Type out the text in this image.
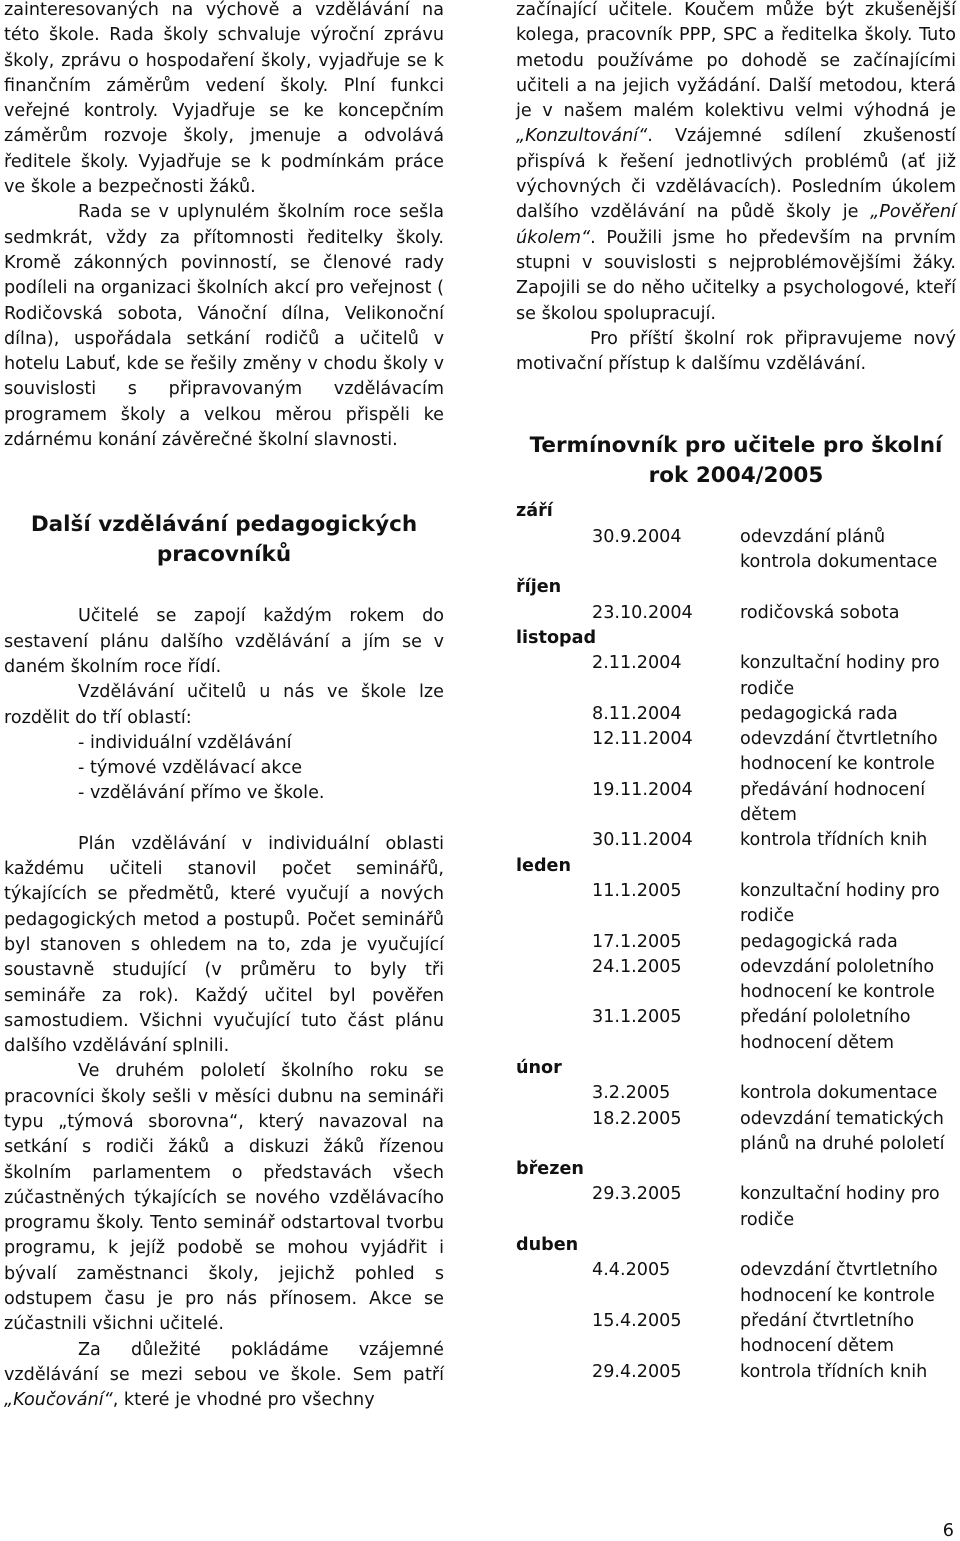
zainteresovaných na výchově a vzdělávání na této škole. Rada školy schvaluje výroční zprávu školy, zprávu o hospodaření školy, vyjadřuje se k finančním záměrům vedení školy. Plní funkci veřejné kontroly. Vyjadřuje se ke koncepčním záměrům rozvoje školy, jmenuje a odvolává ředitele školy. Vyjadřuje se k podmínkám práce ve škole a bezpečnosti žáků.

Rada se v uplynulém školním roce sešla sedmkrát, vždy za přítomnosti ředitelky školy. Kromě zákonných povinností, se členové rady podíleli na organizaci školních akcí pro veřejnost ( Rodičovská sobota, Vánoční dílna, Velikonoční dílna), uspořádala setkání rodičů a učitelů v hotelu Labuť, kde se řešily změny v chodu školy v souvislosti s připravovaným vzdělávacím programem školy a velkou měrou přispěli ke zdárnému konání závěrečné školní slavnosti.

Další vzdělávání pedagogických pracovníků

Učitelé se zapojí každým rokem do sestavení plánu dalšího vzdělávání a jím se v daném školním roce řídí.

Vzdělávání učitelů u nás ve škole lze rozdělit do tří oblastí:

- individuální vzdělávání

- týmové vzdělávací akce

- vzdělávání přímo ve škole.

Plán vzdělávání v individuální oblasti každému učiteli stanovil počet seminářů, týkajících se předmětů, které vyučují a nových pedagogických metod a postupů. Počet seminářů byl stanoven s ohledem na to, zda je vyučující soustavně studující (v průměru to byly tři semináře za rok). Každý učitel byl pověřen samostudiem. Všichni vyučující tuto část plánu dalšího vzdělávání splnili.

Ve druhém pololetí školního roku se pracovníci školy sešli v měsíci dubnu na semináři typu „týmová sborovna“, který navazoval na setkání s rodiči žáků a diskuzi žáků řízenou školním parlamentem o představách všech zúčastněných týkajících se nového vzdělávacího programu školy. Tento seminář odstartoval tvorbu programu, k jejíž podobě se mohou vyjádřit i bývalí zaměstnanci školy, jejichž pohled s odstupem času je pro nás přínosem. Akce se zúčastnili všichni učitelé.

Za důležité pokládáme vzájemné vzdělávání se mezi sebou ve škole. Sem patří „Koučování“, které je vhodné pro všechny

začínající učitele. Koučem může být zkušenější kolega, pracovník PPP, SPC a ředitelka školy. Tuto metodu používáme po dohodě se začínajícími učiteli a na jejich vyžádání. Další metodou, která je v našem malém kolektivu velmi výhodná je „Konzultování“. Vzájemné sdílení zkušeností přispívá k řešení jednotlivých problémů (ať již výchovných či vzdělávacích). Posledním úkolem dalšího vzdělávání na půdě školy je „Pověření úkolem“. Použili jsme ho především na prvním stupni v souvislosti s nejproblémovějšími žáky. Zapojili se do něho učitelky a psychologové, kteří se školou spolupracují.

Pro příští školní rok připravujeme nový motivační přístup k dalšímu vzdělávání.

Termínovník pro učitele pro školní rok 2004/2005
září
30.9.2004	odevzdání plánů kontrola dokumentace
říjen
23.10.2004	rodičovská sobota
listopad
2.11.2004	konzultační hodiny pro rodiče
8.11.2004	pedagogická rada
12.11.2004	odevzdání čtvrtletního hodnocení ke kontrole
19.11.2004	předávání hodnocení dětem
30.11.2004	kontrola třídních knih
leden
11.1.2005	konzultační hodiny pro rodiče
17.1.2005	pedagogická rada
24.1.2005	odevzdání pololetního hodnocení ke kontrole
31.1.2005	předání pololetního hodnocení dětem
únor
3.2.2005	kontrola dokumentace
18.2.2005	odevzdání tematických plánů na druhé pololetí
březen
29.3.2005	konzultační hodiny pro rodiče
duben
4.4.2005	odevzdání čtvrtletního hodnocení ke kontrole
15.4.2005	předání čtvrtletního hodnocení dětem
29.4.2005	kontrola třídních knih
6
